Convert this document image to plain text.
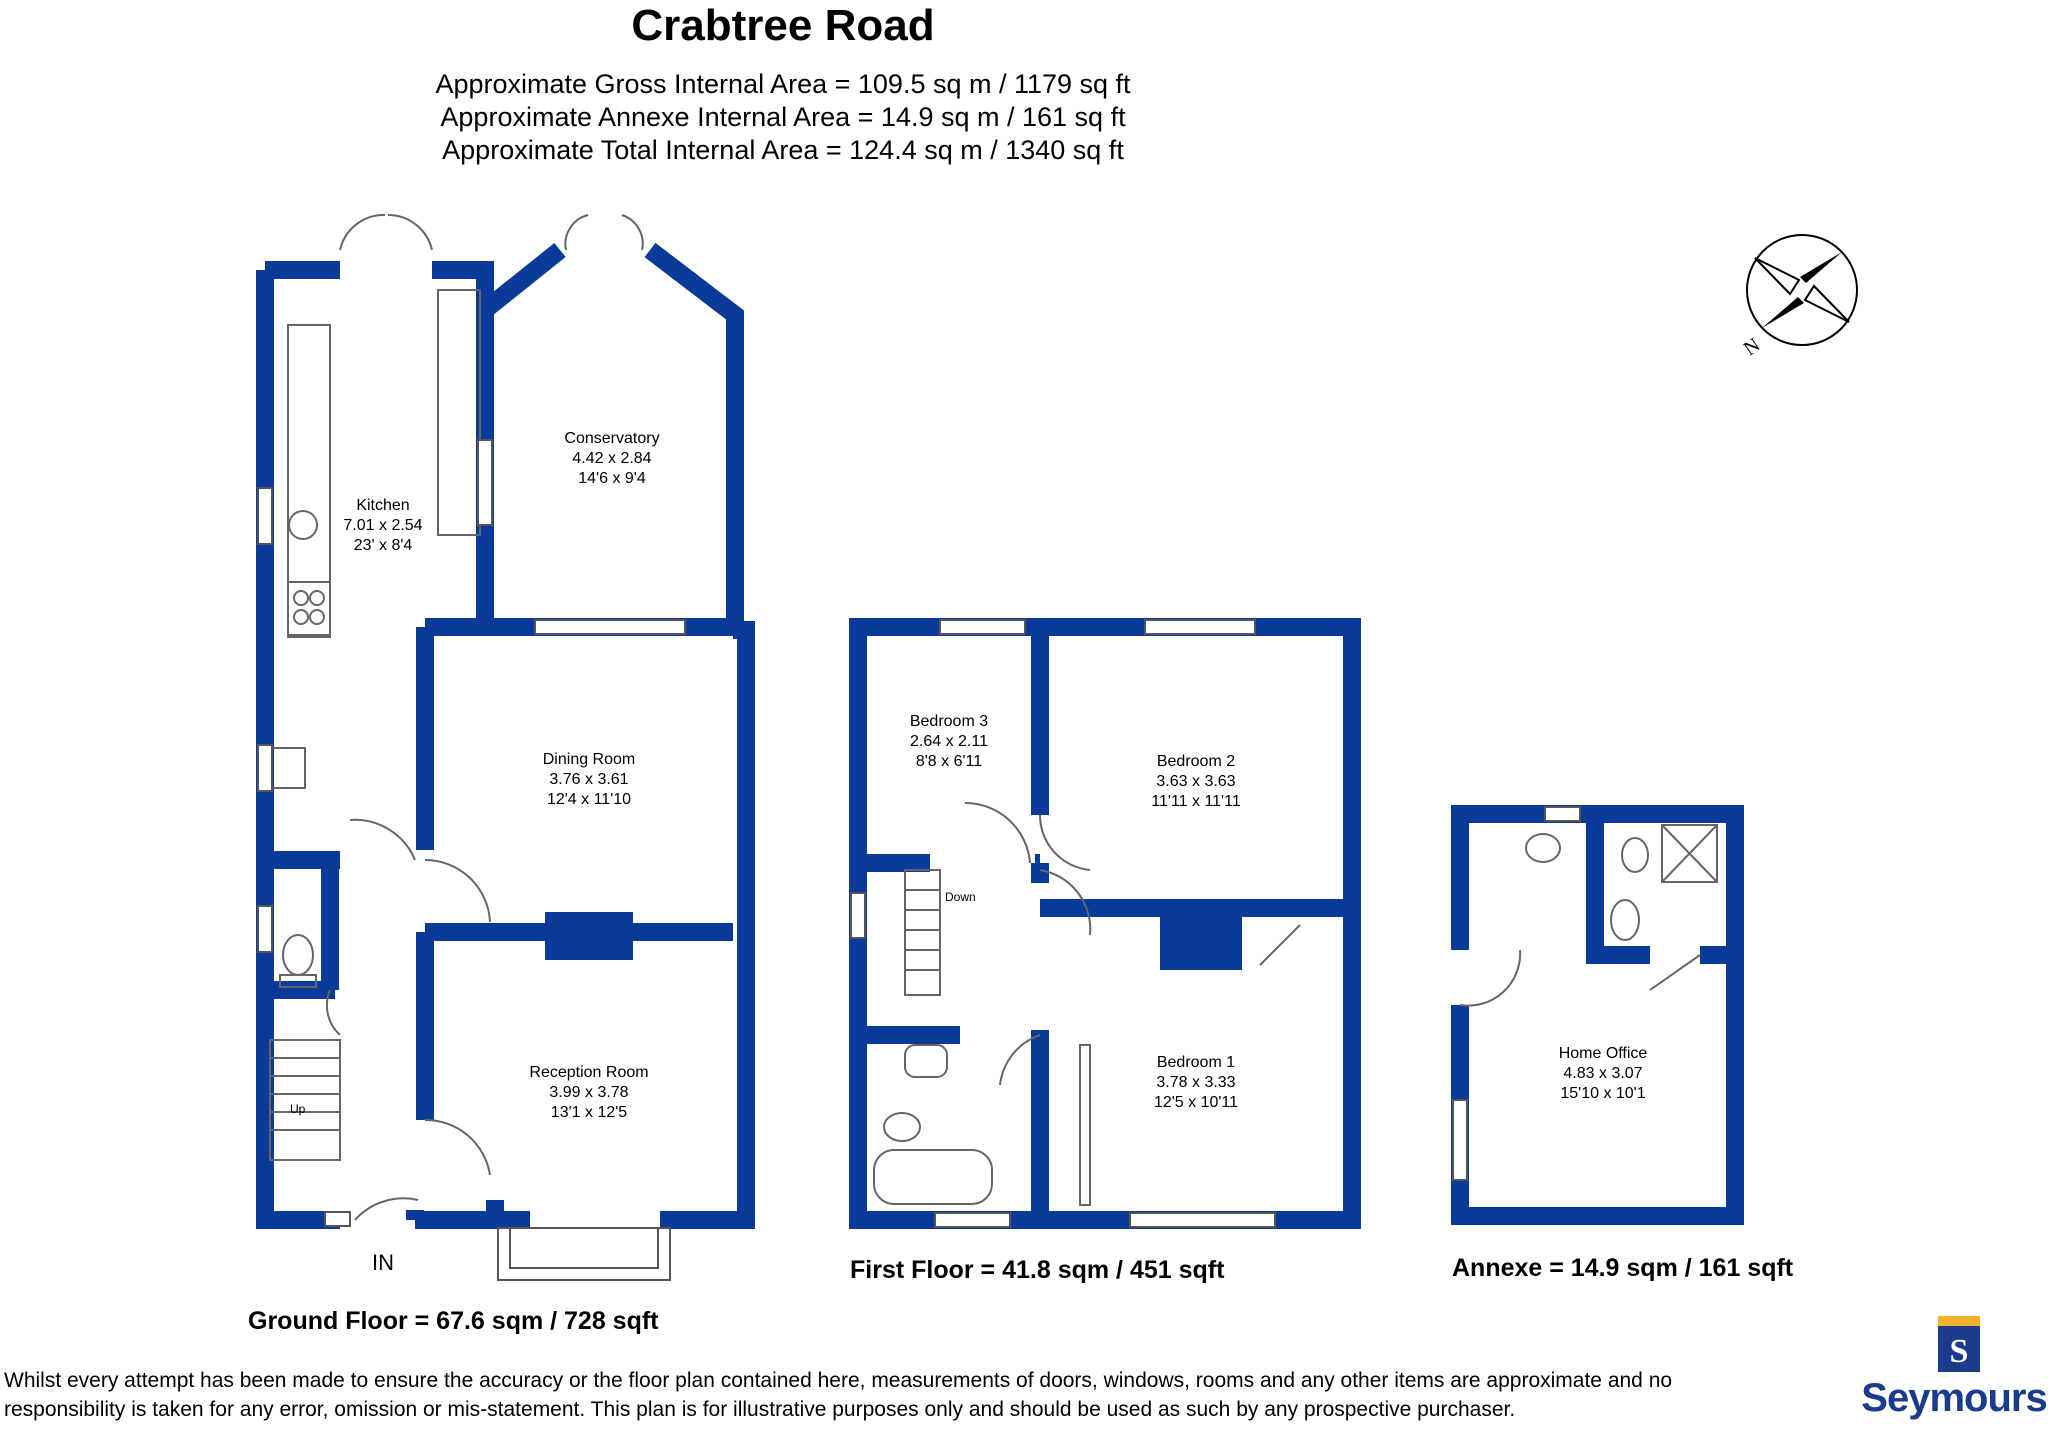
Crabtree Road
Approximate Gross Internal Area = 109.5 sq m / 1179 sq ft
Approximate Annexe Internal Area = 14.9 sq m / 161 sq ft
Approximate Total Internal Area = 124.4 sq m / 1340 sq ft
Kitchen
7.01 x 2.54
23' x 8'4
Conservatory
4.42 x 2.84
14'6 x 9'4
Dining Room
3.76 x 3.61
12'4 x 11'10
Reception Room
3.99 x 3.78
13'1 x 12'5
Bedroom 3
2.64 x 2.11
8'8 x 6'11	Bedroom 2
3.63 x 3.63
11'11 x 11'11
Bedroom 1
3.78 x 3.33
12'5 x 10'11
Home Office
4.83 x 3.07
15'10 x 10'1
Up
Down
IN
N
Ground Floor = 67.6 sqm / 728 sqft
First Floor = 41.8 sqm / 451 sqft	Annexe = 14.9 sqm / 161 sqft
Whilst every attempt has been made to ensure the accuracy or the floor plan contained here, measurements of doors, windows, rooms and any other items are approximate and no
responsibility is taken for any error, omission or mis-statement. This plan is for illustrative purposes only and should be used as such by any prospective purchaser.
S
Seymours
